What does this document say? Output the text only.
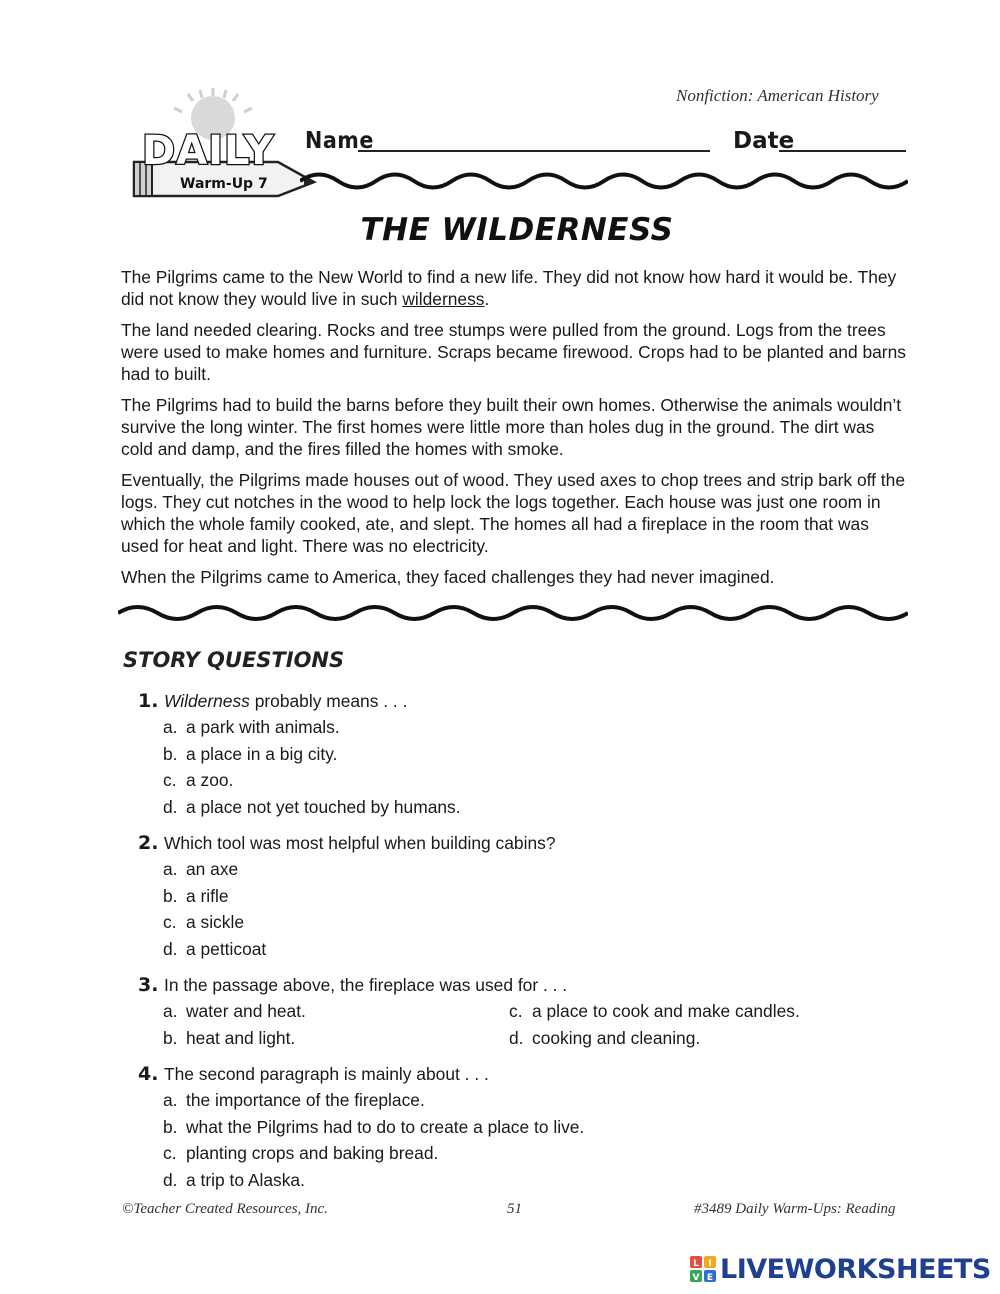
Nonfiction: American History
DAILY
Warm-Up 7
Name	Date
THE WILDERNESS

The Pilgrims came to the New World to find a new life. They did not know how hard it would be. They did not know they would live in such wilderness.

The land needed clearing. Rocks and tree stumps were pulled from the ground. Logs from the trees were used to make homes and furniture. Scraps became firewood. Crops had to be planted and barns had to built.

The Pilgrims had to build the barns before they built their own homes. Otherwise the animals wouldn’t survive the long winter. The first homes were little more than holes dug in the ground. The dirt was cold and damp, and the fires filled the homes with smoke.

Eventually, the Pilgrims made houses out of wood. They used axes to chop trees and strip bark off the logs. They cut notches in the wood to help lock the logs together. Each house was just one room in which the whole family cooked, ate, and slept. The homes all had a fireplace in the room that was used for heat and light. There was no electricity.

When the Pilgrims came to America, they faced challenges they had never imagined.

STORY QUESTIONS
1. Wilderness probably means . . .
a. a park with animals.
b. a place in a big city.
c. a zoo.
d. a place not yet touched by humans.
2. Which tool was most helpful when building cabins?
a. an axe
b. a rifle
c. a sickle
d. a petticoat
3. In the passage above, the fireplace was used for . . .
a. water and heat.	c. a place to cook and make candles.
b. heat and light.	d. cooking and cleaning.
4. The second paragraph is mainly about . . .
a. the importance of the fireplace.
b. what the Pilgrims had to do to create a place to live.
c. planting crops and baking bread.
d. a trip to Alaska.
©Teacher Created Resources, Inc.	51	#3489 Daily Warm-Ups: Reading
L I
V E LIVEWORKSHEETS
